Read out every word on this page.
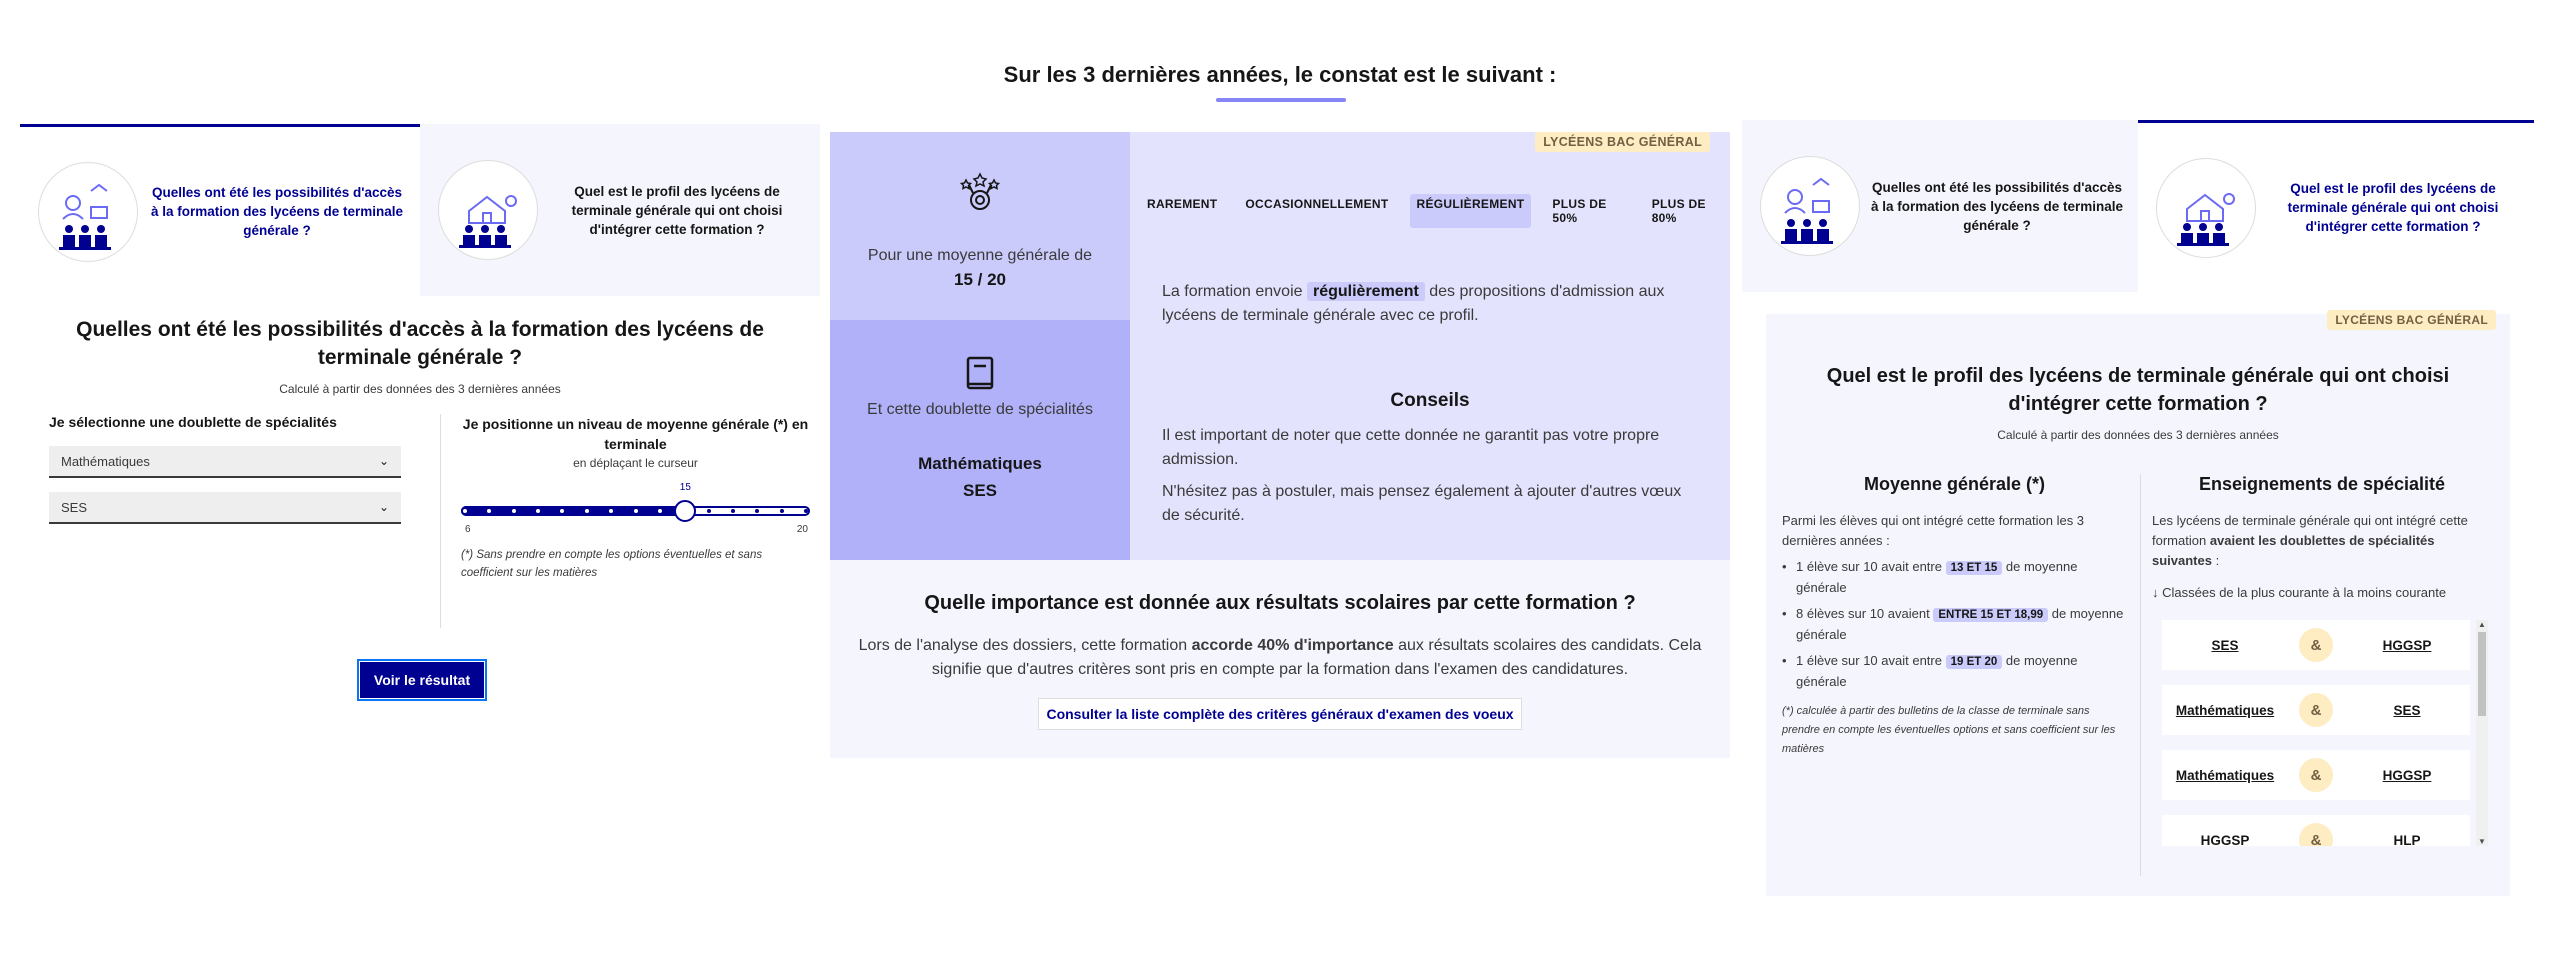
Sur les 3 dernières années, le constat est le suivant :
Quelles ont été les possibilités d'accès à la formation des lycéens de terminale générale ?
Quel est le profil des lycéens de terminale générale qui ont choisi d'intégrer cette formation ?
Quelles ont été les possibilités d'accès à la formation des lycéens de terminale générale ?
Calculé à partir des données des 3 dernières années
Je sélectionne une doublette de spécialités
Mathématiques	⌄
SES	⌄
Je positionne un niveau de moyenne générale (*) en terminale
en déplaçant le curseur
15
6	20
(*) Sans prendre en compte les options éventuelles et sans coefficient sur les matières
Voir le résultat
Pour une moyenne générale de
15 / 20
Et cette doublette de spécialités
Mathématiques
SES
LYCÉENS BAC GÉNÉRAL
RAREMENT	OCCASIONNELLEMENT	RÉGULIÈREMENT	PLUS DE 50%
PLUS DE 80%
La formation envoie régulièrement des propositions d'admission aux lycéens de terminale générale avec ce profil.
Conseils
Il est important de noter que cette donnée ne garantit pas votre propre admission.
N'hésitez pas à postuler, mais pensez également à ajouter d'autres vœux de sécurité.
Quelle importance est donnée aux résultats scolaires par cette formation ?
Lors de l'analyse des dossiers, cette formation accorde 40% d'importance aux résultats scolaires des candidats. Cela signifie que d'autres critères sont pris en compte par la formation dans l'examen des candidatures.
Consulter la liste complète des critères généraux d'examen des voeux
Quelles ont été les possibilités d'accès à la formation des lycéens de terminale générale ?
Quel est le profil des lycéens de terminale générale qui ont choisi d'intégrer cette formation ?
LYCÉENS BAC GÉNÉRAL
Quel est le profil des lycéens de terminale générale qui ont choisi d'intégrer cette formation ?
Calculé à partir des données des 3 dernières années
Moyenne générale (*)
Parmi les élèves qui ont intégré cette formation les 3 dernières années :
• 1 élève sur 10 avait entre 13 ET 15 de moyenne générale
• 8 élèves sur 10 avaient ENTRE 15 ET 18,99 de moyenne générale
• 1 élève sur 10 avait entre 19 ET 20 de moyenne générale
(*) calculée à partir des bulletins de la classe de terminale sans prendre en compte les éventuelles options et sans coefficient sur les matières
Enseignements de spécialité
Les lycéens de terminale générale qui ont intégré cette formation avaient les doublettes de spécialités suivantes :
↓ Classées de la plus courante à la moins courante
SES	&	HGGSP
Mathématiques	&	SES
Mathématiques	&	HGGSP
HGGSP	&	HLP
▲
▼
